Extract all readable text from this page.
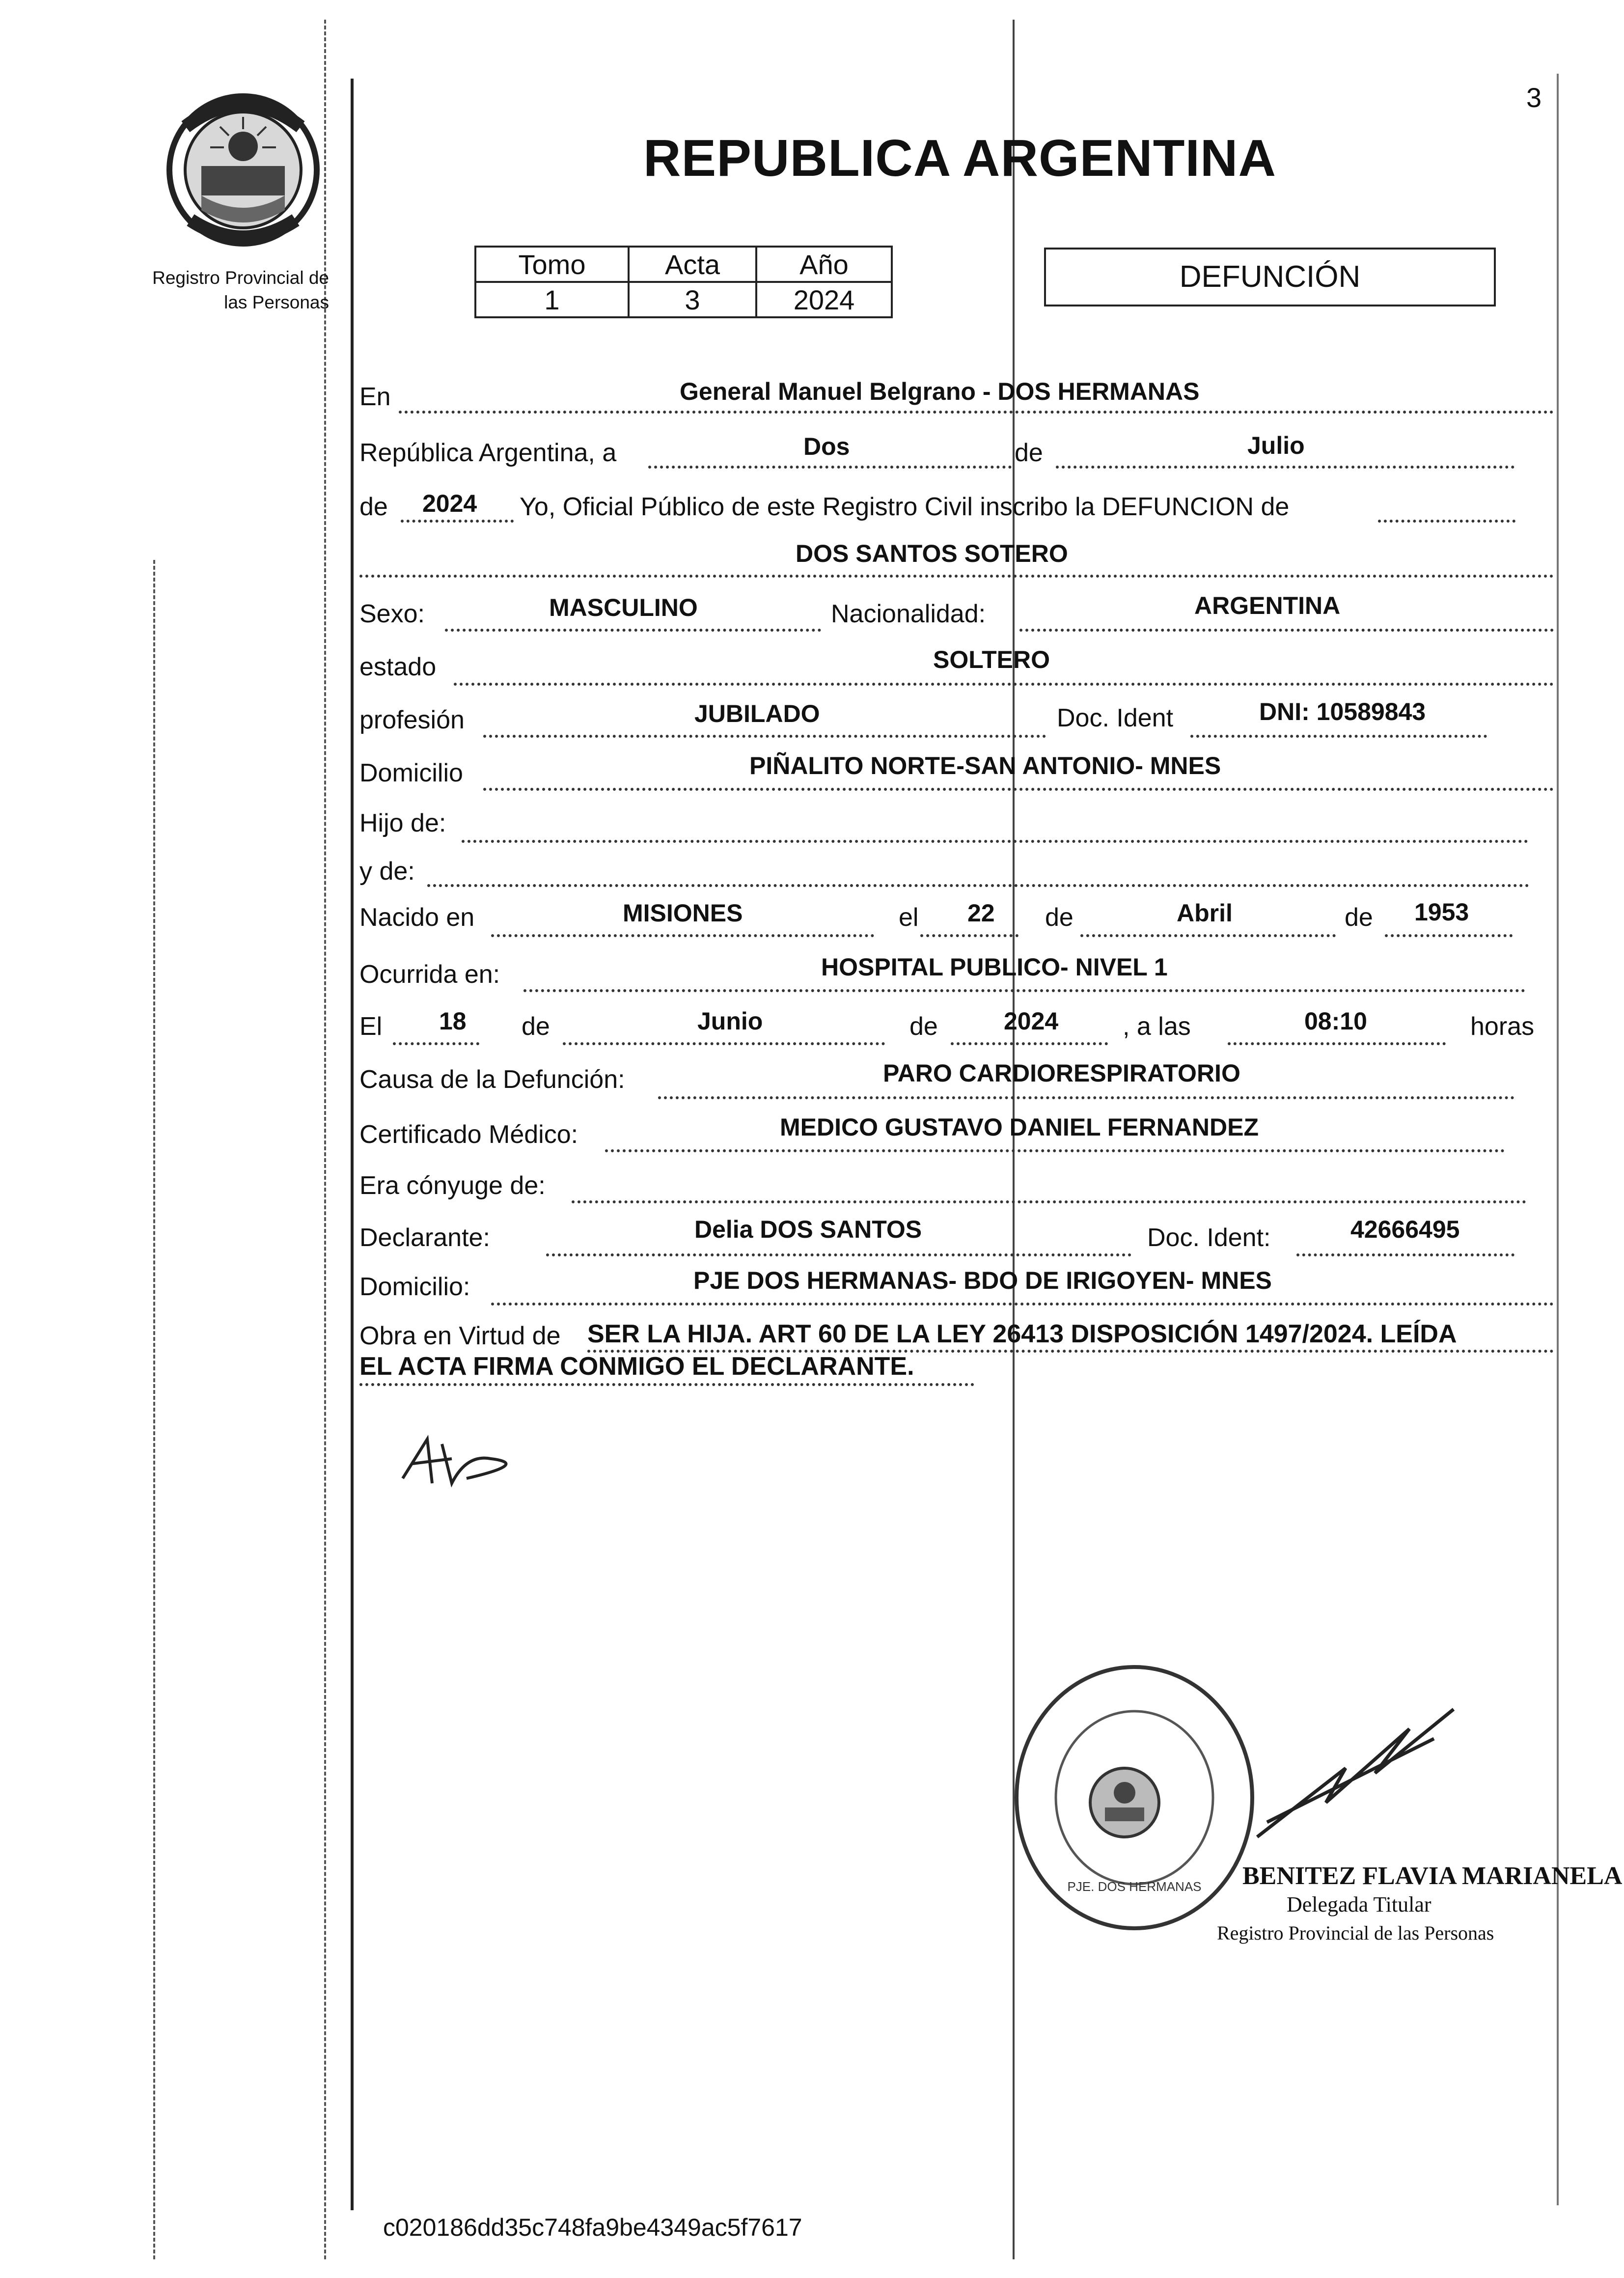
3
Registro Provincial de
las Personas
REPUBLICA ARGENTINA
Tomo	Acta	Año
1	3	2024
DEFUNCIÓN
En	General Manuel Belgrano - DOS HERMANAS
República Argentina, a	Dos	de	Julio
de 2024 Yo, Oficial Público de este Registro Civil inscribo la DEFUNCION de
DOS SANTOS SOTERO
Sexo:	MASCULINO	Nacionalidad:	ARGENTINA
estado	SOLTERO
profesión	JUBILADO	Doc. Ident	DNI: 10589843
Domicilio	PIÑALITO NORTE-SAN ANTONIO- MNES
Hijo de:
y de:
Nacido en	MISIONES	el 22 de	Abril	de 1953
Ocurrida en:	HOSPITAL PUBLICO- NIVEL 1
El 18 de	Junio	de	2024	, a las	08:10	horas
Causa de la Defunción:	PARO CARDIORESPIRATORIO
Certificado Médico:	MEDICO GUSTAVO DANIEL FERNANDEZ
Era cónyuge de:
Declarante:	Delia DOS SANTOS	Doc. Ident:	42666495
Domicilio:	PJE DOS HERMANAS- BDO DE IRIGOYEN- MNES
Obra en Virtud de SER LA HIJA. ART 60 DE LA LEY 26413 DISPOSICIÓN 1497/2024. LEÍDA
EL ACTA FIRMA CONMIGO EL DECLARANTE.
PJE. DOS HERMANAS BENITEZ FLAVIA MARIANELA
Delegada Titular
Registro Provincial de las Personas
c020186dd35c748fa9be4349ac5f7617
